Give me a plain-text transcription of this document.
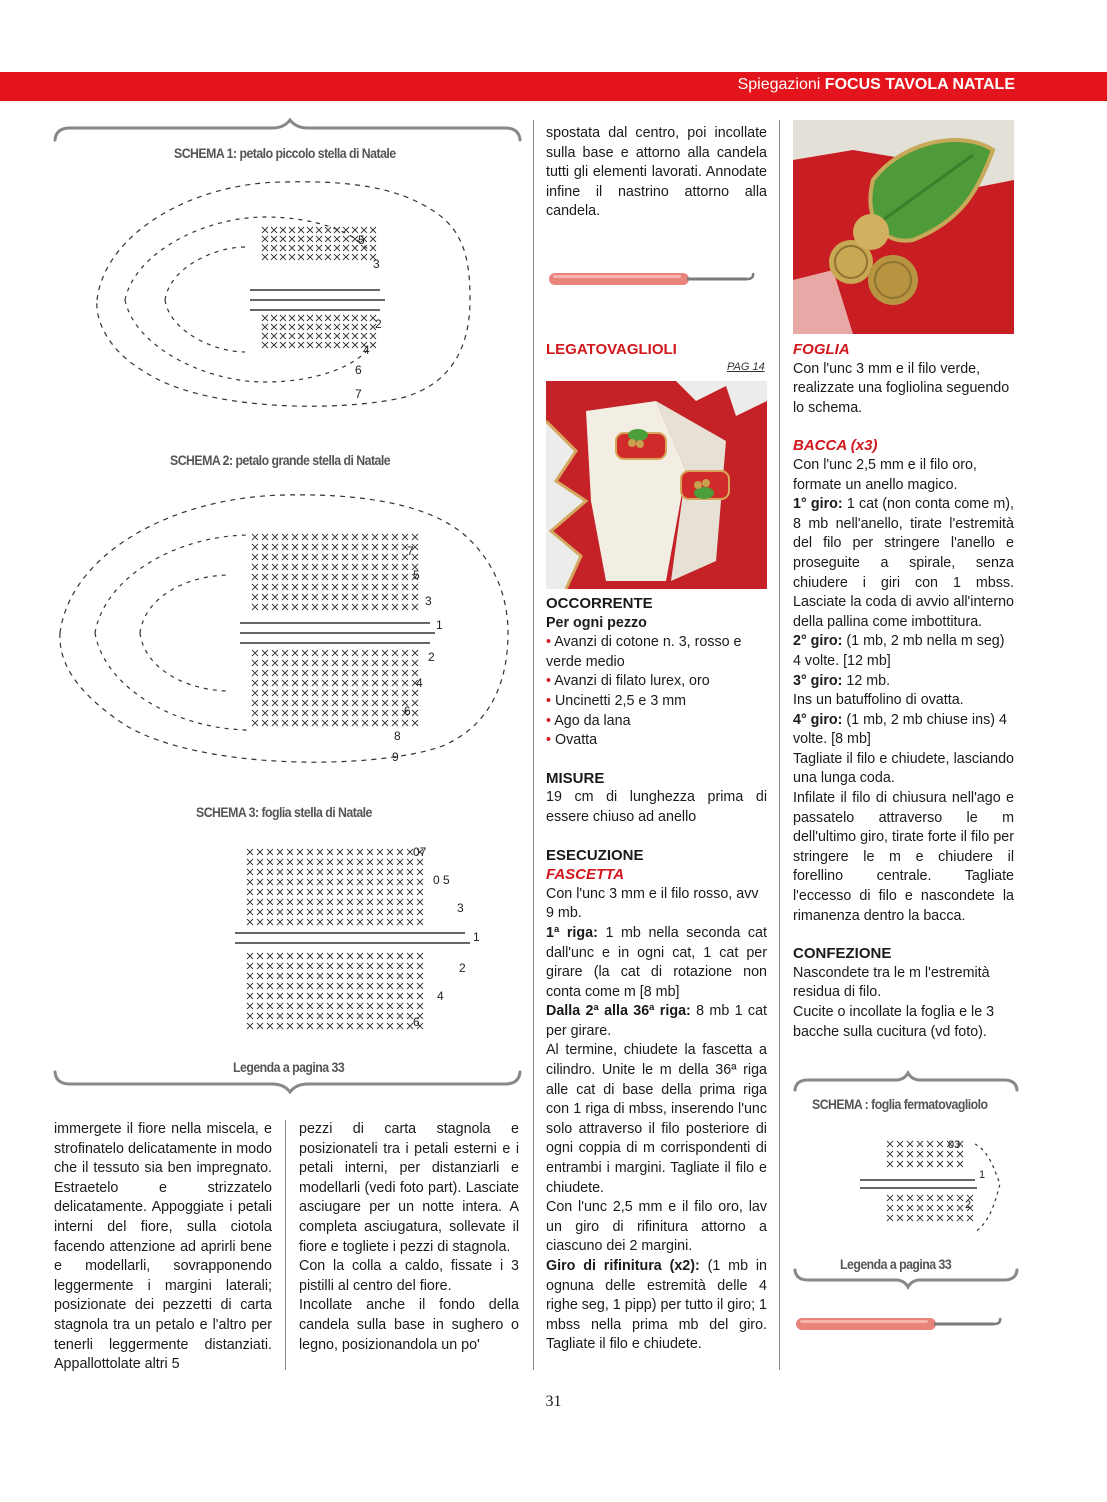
Spiegazioni FOCUS TAVOLA NATALE
SCHEMA 1: petalo piccolo stella di Natale
SCHEMA 2: petalo grande stella di Natale
SCHEMA 3: foglia stella di Natale
Legenda a pagina 33
SCHEMA : foglia fermatovagliolo
Legenda a pagina 33
5
3
2
4
6
7
7
5
3
1
2
4
6
8
9
07
0 5
3
1
2
4
6
03
1
2

immergete il fiore nella miscela, e strofinatelo delicatamente in modo che il tessuto sia ben impregnato. Estraetelo e strizzatelo delicatamente. Appoggiate i petali interni del fiore, sulla ciotola facendo attenzione ad aprirli bene e modellarli, sovrapponendo leggermente i margini laterali; posizionate dei pezzetti di carta stagnola tra un petalo e l'altro per tenerli leggermente distanziati. Appallottolate altri 5

pezzi di carta stagnola e posizionateli tra i petali esterni e i petali interni, per distanziarli e modellarli (vedi foto part). Lasciate asciugare per un notte intera. A completa asciugatura, sollevate il fiore e togliete i pezzi di stagnola.

Con la colla a caldo, fissate i 3 pistilli al centro del fiore.

Incollate anche il fondo della candela sulla base in sughero o legno, posizionandola un po'

spostata dal centro, poi incollate sulla base e attorno alla candela tutti gli elementi lavorati. Annodate infine il nastrino attorno alla candela.

LEGATOVAGLIOLI
PAG 14
OCCORRENTE
Per ogni pezzo
• Avanzi di cotone n. 3, rosso e verde medio
• Avanzi di filato lurex, oro
• Uncinetti 2,5 e 3 mm
• Ago da lana
• Ovatta
MISURE

19 cm di lunghezza prima di essere chiuso ad anello

ESECUZIONE
FASCETTA

Con l'unc 3 mm e il filo rosso, avv 9 mb.

1ª riga: 1 mb nella seconda cat dall'unc e in ogni cat, 1 cat per girare (la cat di rotazione non conta come m [8 mb]

Dalla 2ª alla 36ª riga: 8 mb 1 cat per girare.

Al termine, chiudete la fascetta a cilindro. Unite le m della 36ª riga alle cat di base della prima riga con 1 riga di mbss, inserendo l'unc solo attraverso il filo posteriore di ogni coppia di m corrispondenti di entrambi i margini. Tagliate il filo e chiudete.

Con l'unc 2,5 mm e il filo oro, lav un giro di rifinitura attorno a ciascuno dei 2 margini.

Giro di rifinitura (x2): (1 mb in ognuna delle estremità delle 4 righe seg, 1 pipp) per tutto il giro; 1 mbss nella prima mb del giro. Tagliate il filo e chiudete.

FOGLIA

Con l'unc 3 mm e il filo verde, realizzate una fogliolina seguendo lo schema.

BACCA (x3)

Con l'unc 2,5 mm e il filo oro, formate un anello magico.

1° giro: 1 cat (non conta come m), 8 mb nell'anello, tirate l'estremità del filo per stringere l'anello e proseguite a spirale, senza chiudere i giri con 1 mbss. Lasciate la coda di avvio all'interno della pallina come imbottitura.

2° giro: (1 mb, 2 mb nella m seg) 4 volte. [12 mb]

3° giro: 12 mb.

Ins un batuffolino di ovatta.

4° giro: (1 mb, 2 mb chiuse ins) 4 volte. [8 mb]

Tagliate il filo e chiudete, lasciando una lunga coda.

Infilate il filo di chiusura nell'ago e passatelo attraverso le m dell'ultimo giro, tirate forte il filo per stringere le m e chiudere il forellino centrale. Tagliate l'eccesso di filo e nascondete la rimanenza dentro la bacca.

CONFEZIONE

Nascondete tra le m l'estremità residua di filo.

Cucite o incollate la foglia e le 3 bacche sulla cucitura (vd foto).

31
